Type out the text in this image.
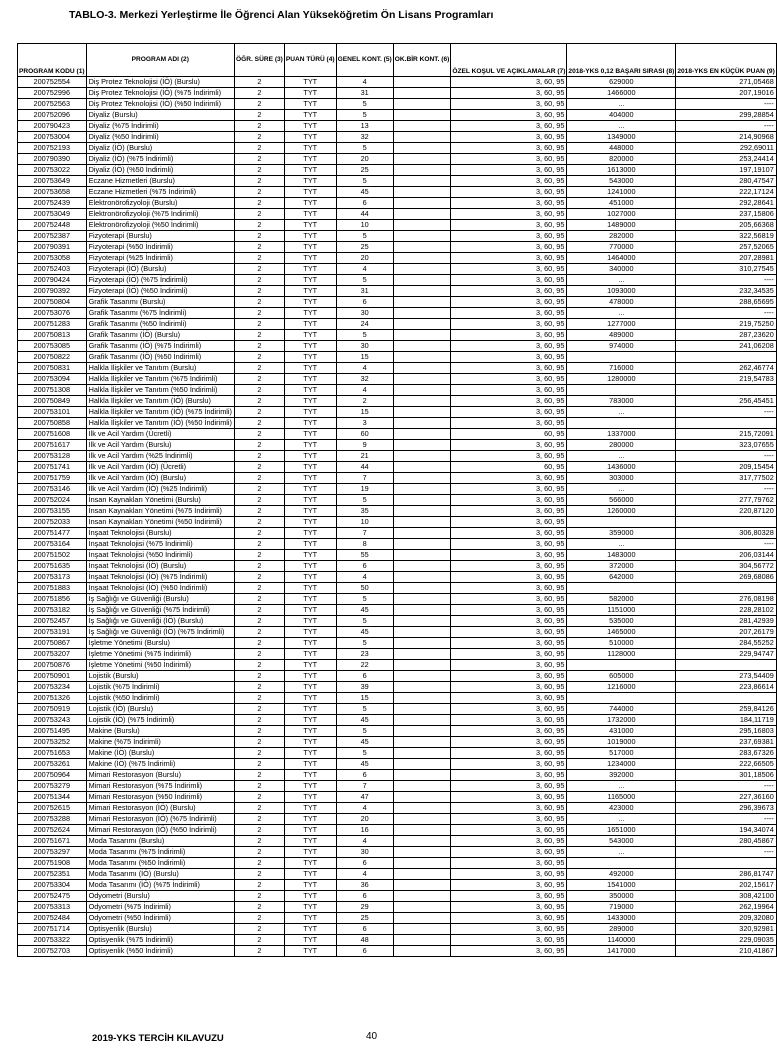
TABLO-3. Merkezi Yerleştirme İle Öğrenci Alan Yükseköğretim Ön Lisans Programları
PROGRAM KODU (1)	PROGRAM ADI (2)	ÖĞR. SÜRE (3)	PUAN TÜRÜ (4)	GENEL KONT. (5)	OK.BİR KONT. (6)	ÖZEL KOŞUL VE AÇIKLAMALAR (7)	2018-YKS 0,12 BAŞARI SIRASI (8)	2018-YKS EN KÜÇÜK PUAN (9)
200752554	Diş Protez Teknolojisi (İÖ) (Burslu)	2	TYT	4		3, 60, 95	629000	271,05468
200752996	Diş Protez Teknolojisi (İÖ) (%75 İndirimli)	2	TYT	31		3, 60, 95	1466000	207,19016
200752563	Diş Protez Teknolojisi (İÖ) (%50 İndirimli)	2	TYT	5		3, 60, 95	...	----
200752096	Diyaliz (Burslu)	2	TYT	5		3, 60, 95	404000	299,28854
200790423	Diyaliz (%75 İndirimli)	2	TYT	13		3, 60, 95	...	----
200753004	Diyaliz (%50 İndirimli)	2	TYT	32		3, 60, 95	1349000	214,90968
200752193	Diyaliz (İÖ) (Burslu)	2	TYT	5		3, 60, 95	448000	292,69011
200790390	Diyaliz (İÖ) (%75 İndirimli)	2	TYT	20		3, 60, 95	820000	253,24414
200753022	Diyaliz (İÖ) (%50 İndirimli)	2	TYT	25		3, 60, 95	1613000	197,19107
200753649	Eczane Hizmetleri (Burslu)	2	TYT	5		3, 60, 95	543000	280,47547
200753658	Eczane Hizmetleri (%75 İndirimli)	2	TYT	45		3, 60, 95	1241000	222,17124
200752439	Elektronörofizyoloji (Burslu)	2	TYT	6		3, 60, 95	451000	292,28641
200753049	Elektronörofizyoloji (%75 İndirimli)	2	TYT	44		3, 60, 95	1027000	237,15806
200752448	Elektronörofizyoloji (%50 İndirimli)	2	TYT	10		3, 60, 95	1489000	205,66368
200752387	Fizyoterapi (Burslu)	2	TYT	5		3, 60, 95	282000	322,56819
200790391	Fizyoterapi (%50 İndirimli)	2	TYT	25		3, 60, 95	770000	257,52065
200753058	Fizyoterapi (%25 İndirimli)	2	TYT	20		3, 60, 95	1464000	207,28981
200752403	Fizyoterapi (İÖ) (Burslu)	2	TYT	4		3, 60, 95	340000	310,27545
200790424	Fizyoterapi (İÖ) (%75 İndirimli)	2	TYT	5		3, 60, 95	...	----
200790392	Fizyoterapi (İÖ) (%50 İndirimli)	2	TYT	31		3, 60, 95	1093000	232,34535
200750804	Grafik Tasarımı (Burslu)	2	TYT	6		3, 60, 95	478000	288,65695
200753076	Grafik Tasarımı (%75 İndirimli)	2	TYT	30		3, 60, 95	...	----
200751283	Grafik Tasarımı (%50 İndirimli)	2	TYT	24		3, 60, 95	1277000	219,75250
200750813	Grafik Tasarımı (İÖ) (Burslu)	2	TYT	5		3, 60, 95	489000	287,23620
200753085	Grafik Tasarımı (İÖ) (%75 İndirimli)	2	TYT	30		3, 60, 95	974000	241,06208
200750822	Grafik Tasarımı (İÖ) (%50 İndirimli)	2	TYT	15		3, 60, 95		
200750831	Halkla İlişkiler ve Tanıtım (Burslu)	2	TYT	4		3, 60, 95	716000	262,46774
200753094	Halkla İlişkiler ve Tanıtım (%75 İndirimli)	2	TYT	32		3, 60, 95	1280000	219,54783
200751308	Halkla İlişkiler ve Tanıtım (%50 İndirimli)	2	TYT	4		3, 60, 95		
200750849	Halkla İlişkiler ve Tanıtım (İÖ) (Burslu)	2	TYT	2		3, 60, 95	783000	256,45451
200753101	Halkla İlişkiler ve Tanıtım (İÖ) (%75 İndirimli)	2	TYT	15		3, 60, 95	...	----
200750858	Halkla İlişkiler ve Tanıtım (İÖ) (%50 İndirimli)	2	TYT	3		3, 60, 95		
200751608	İlk ve Acil Yardım (Ücretli)	2	TYT	60		60, 95	1337000	215,72091
200751617	İlk ve Acil Yardım (Burslu)	2	TYT	9		3, 60, 95	280000	323,07655
200753128	İlk ve Acil Yardım (%25 İndirimli)	2	TYT	21		3, 60, 95	...	----
200751741	İlk ve Acil Yardım (İÖ) (Ücretli)	2	TYT	44		60, 95	1436000	209,15454
200751759	İlk ve Acil Yardım (İÖ) (Burslu)	2	TYT	7		3, 60, 95	303000	317,77502
200753146	İlk ve Acil Yardım (İÖ) (%25 İndirimli)	2	TYT	19		3, 60, 95	...	----
200752024	İnsan Kaynakları Yönetimi (Burslu)	2	TYT	5		3, 60, 95	566000	277,79762
200753155	İnsan Kaynakları Yönetimi (%75 İndirimli)	2	TYT	35		3, 60, 95	1260000	220,87120
200752033	İnsan Kaynakları Yönetimi (%50 İndirimli)	2	TYT	10		3, 60, 95		
200751477	İnşaat Teknolojisi (Burslu)	2	TYT	7		3, 60, 95	359000	306,80328
200753164	İnşaat Teknolojisi (%75 İndirimli)	2	TYT	8		3, 60, 95	...	----
200751502	İnşaat Teknolojisi (%50 İndirimli)	2	TYT	55		3, 60, 95	1483000	206,03144
200751635	İnşaat Teknolojisi (İÖ) (Burslu)	2	TYT	6		3, 60, 95	372000	304,56772
200753173	İnşaat Teknolojisi (İÖ) (%75 İndirimli)	2	TYT	4		3, 60, 95	642000	269,68086
200751883	İnşaat Teknolojisi (İÖ) (%50 İndirimli)	2	TYT	50		3, 60, 95		
200751856	İş Sağlığı ve Güvenliği (Burslu)	2	TYT	5		3, 60, 95	582000	276,08198
200753182	İş Sağlığı ve Güvenliği (%75 İndirimli)	2	TYT	45		3, 60, 95	1151000	228,28102
200752457	İş Sağlığı ve Güvenliği (İÖ) (Burslu)	2	TYT	5		3, 60, 95	535000	281,42939
200753191	İş Sağlığı ve Güvenliği (İÖ) (%75 İndirimli)	2	TYT	45		3, 60, 95	1465000	207,26179
200750867	İşletme Yönetimi (Burslu)	2	TYT	5		3, 60, 95	510000	284,55252
200753207	İşletme Yönetimi (%75 İndirimli)	2	TYT	23		3, 60, 95	1128000	229,94747
200750876	İşletme Yönetimi (%50 İndirimli)	2	TYT	22		3, 60, 95		
200750901	Lojistik (Burslu)	2	TYT	6		3, 60, 95	605000	273,54409
200753234	Lojistik (%75 İndirimli)	2	TYT	39		3, 60, 95	1216000	223,86614
200751326	Lojistik (%50 İndirimli)	2	TYT	15		3, 60, 95		
200750919	Lojistik (İÖ) (Burslu)	2	TYT	5		3, 60, 95	744000	259,84126
200753243	Lojistik (İÖ) (%75 İndirimli)	2	TYT	45		3, 60, 95	1732000	184,11719
200751495	Makine (Burslu)	2	TYT	5		3, 60, 95	431000	295,16803
200753252	Makine (%75 İndirimli)	2	TYT	45		3, 60, 95	1019000	237,69381
200751653	Makine (İÖ) (Burslu)	2	TYT	5		3, 60, 95	517000	283,67326
200753261	Makine (İÖ) (%75 İndirimli)	2	TYT	45		3, 60, 95	1234000	222,66505
200750964	Mimari Restorasyon (Burslu)	2	TYT	6		3, 60, 95	392000	301,18506
200753279	Mimari Restorasyon (%75 İndirimli)	2	TYT	7		3, 60, 95	...	----
200751344	Mimari Restorasyon (%50 İndirimli)	2	TYT	47		3, 60, 95	1165000	227,36160
200752615	Mimari Restorasyon (İÖ) (Burslu)	2	TYT	4		3, 60, 95	423000	296,39673
200753288	Mimari Restorasyon (İÖ) (%75 İndirimli)	2	TYT	20		3, 60, 95	...	----
200752624	Mimari Restorasyon (İÖ) (%50 İndirimli)	2	TYT	16		3, 60, 95	1651000	194,34074
200751671	Moda Tasarımı (Burslu)	2	TYT	4		3, 60, 95	543000	280,45867
200753297	Moda Tasarımı (%75 İndirimli)	2	TYT	30		3, 60, 95	...	----
200751908	Moda Tasarımı (%50 İndirimli)	2	TYT	6		3, 60, 95		
200752351	Moda Tasarımı (İÖ) (Burslu)	2	TYT	4		3, 60, 95	492000	286,81747
200753304	Moda Tasarımı (İÖ) (%75 İndirimli)	2	TYT	36		3, 60, 95	1541000	202,15617
200752475	Odyometri (Burslu)	2	TYT	6		3, 60, 95	350000	308,42100
200753313	Odyometri (%75 İndirimli)	2	TYT	29		3, 60, 95	719000	262,19964
200752484	Odyometri (%50 İndirimli)	2	TYT	25		3, 60, 95	1433000	209,32080
200751714	Optisyenlik (Burslu)	2	TYT	6		3, 60, 95	289000	320,92981
200753322	Optisyenlik (%75 İndirimli)	2	TYT	48		3, 60, 95	1140000	229,09035
200752703	Optisyenlik (%50 İndirimli)	2	TYT	6		3, 60, 95	1417000	210,41867
2019-YKS TERCİH KILAVUZU	40
